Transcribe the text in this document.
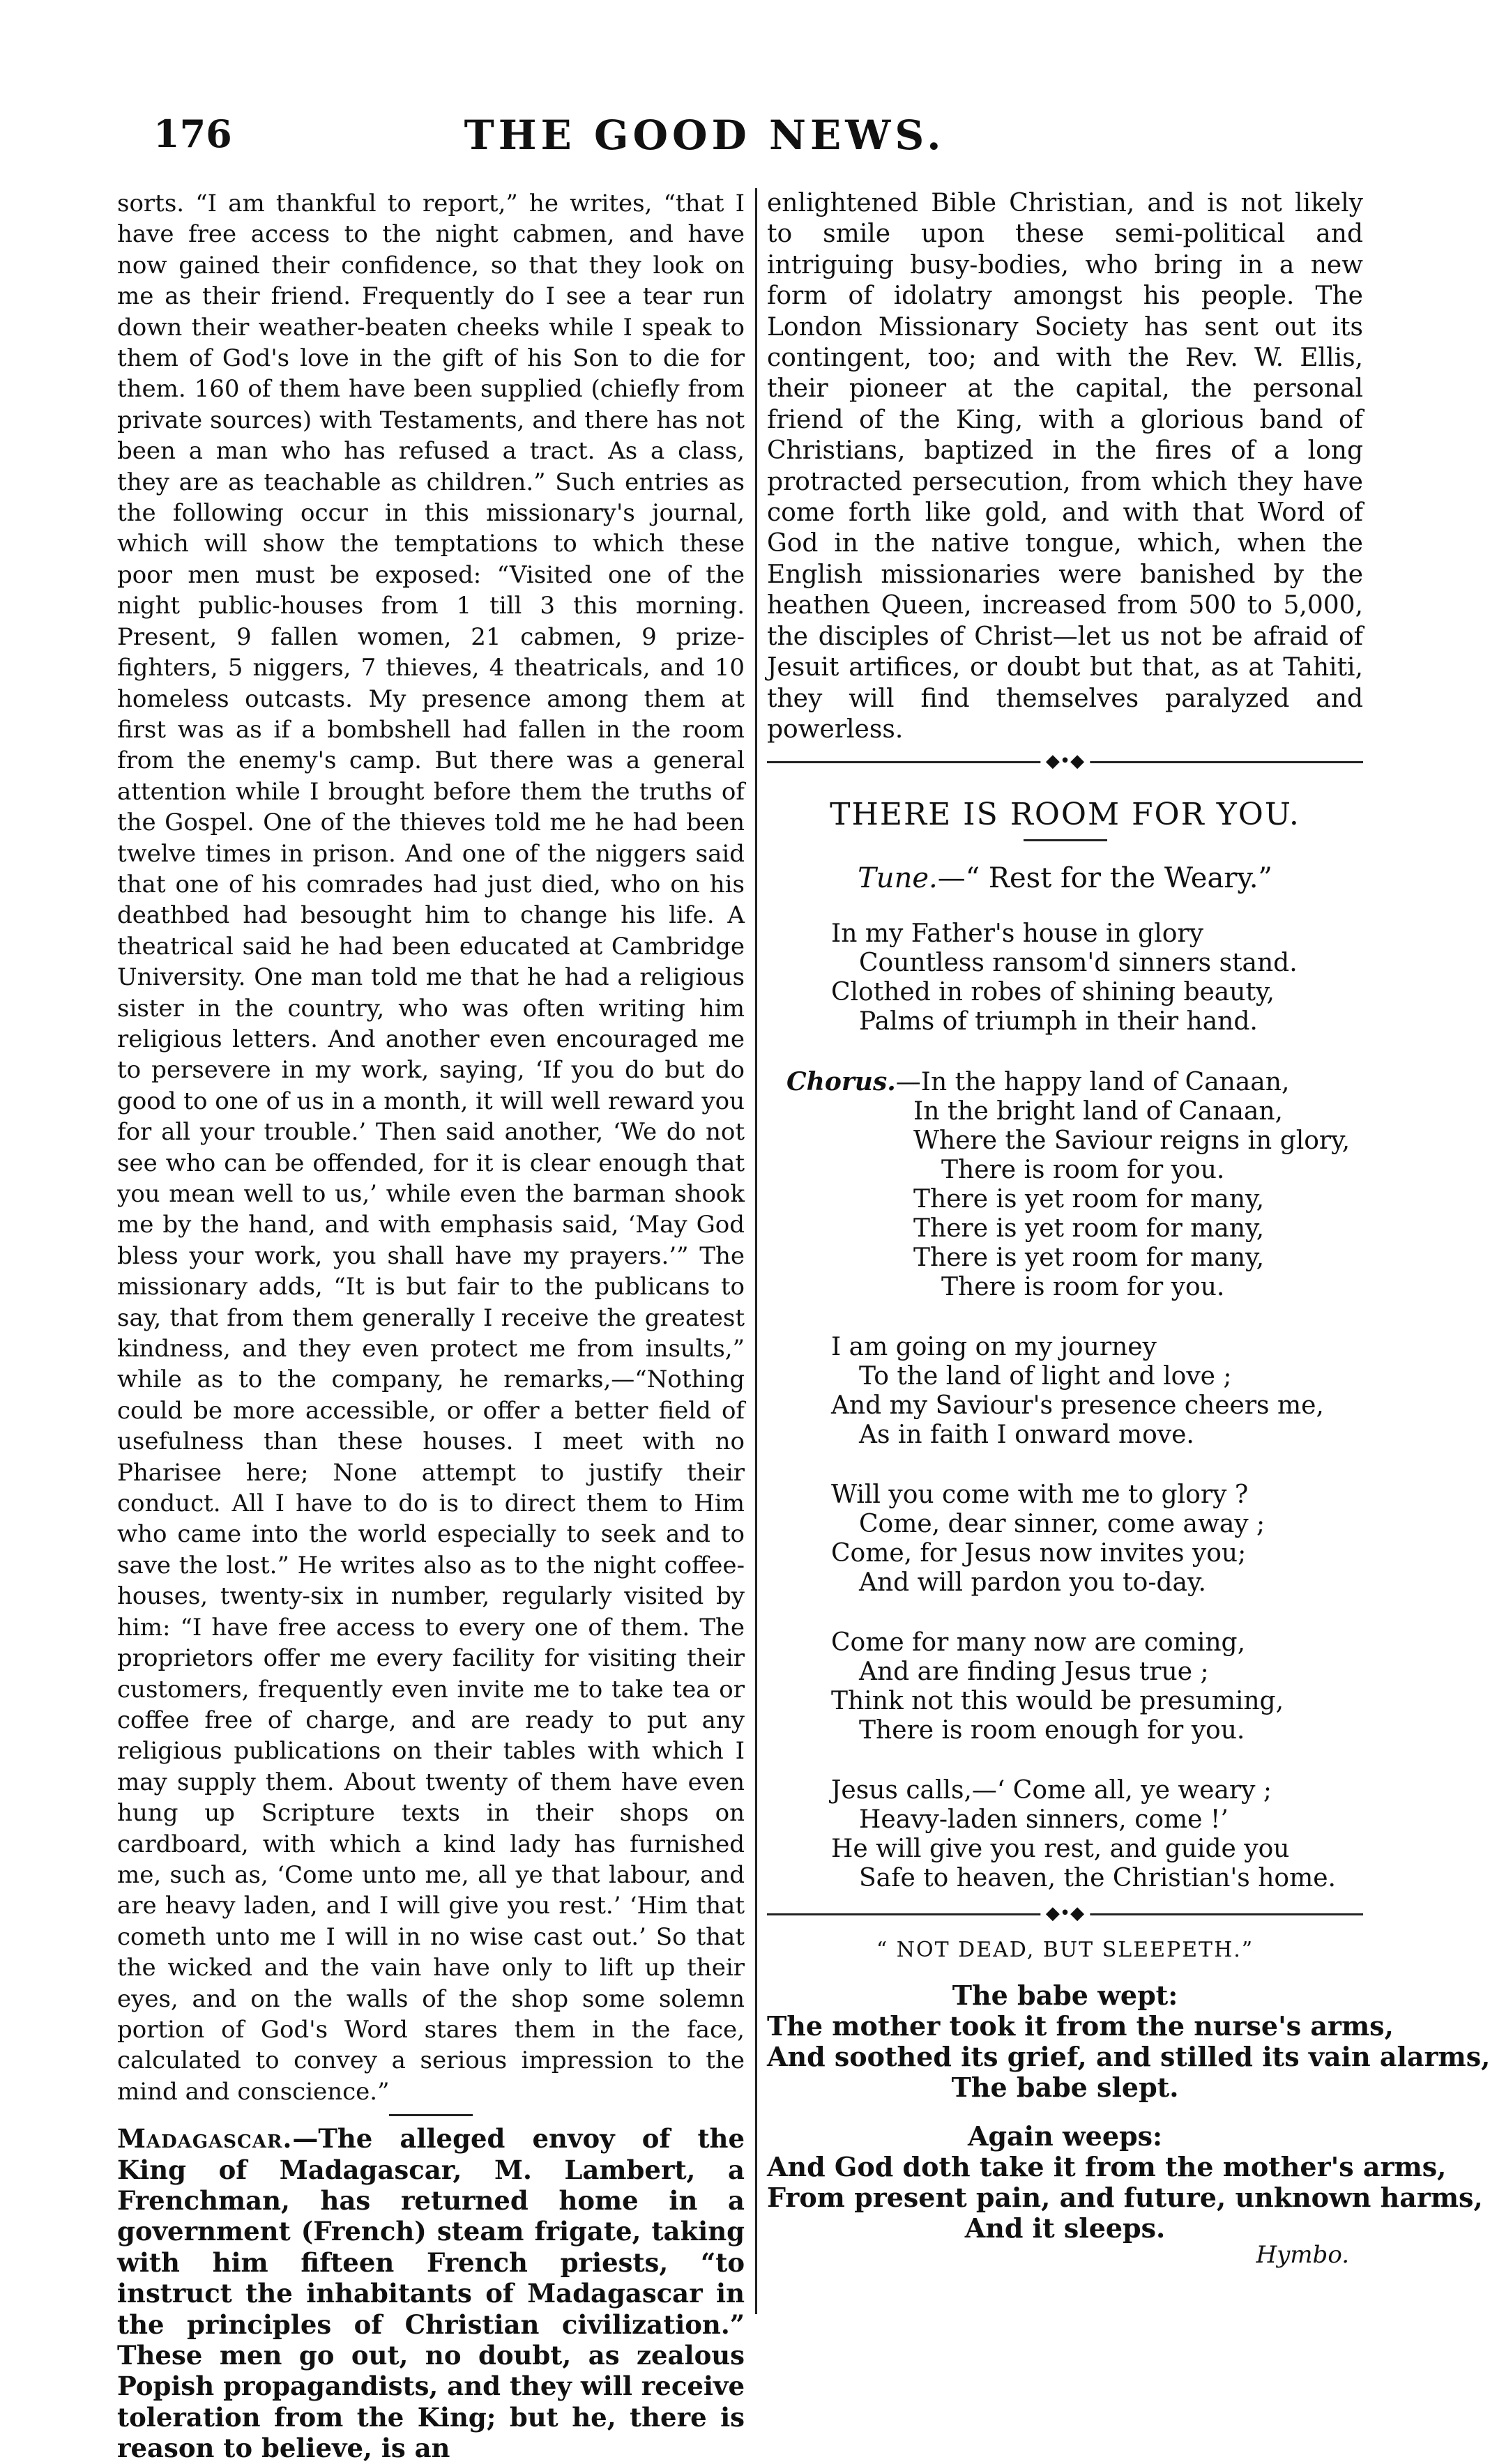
176	THE GOOD NEWS.

sorts. “I am thankful to report,” he writes, “that I have free access to the night cabmen, and have now gained their confidence, so that they look on me as their friend. Frequently do I see a tear run down their weather-beaten cheeks while I speak to them of God's love in the gift of his Son to die for them. 160 of them have been supplied (chiefly from private sources) with Testaments, and there has not been a man who has refused a tract. As a class, they are as teachable as children.” Such entries as the following occur in this missionary's journal, which will show the temptations to which these poor men must be exposed: “Visited one of the night public-houses from 1 till 3 this morning. Present, 9 fallen women, 21 cabmen, 9 prize-fighters, 5 niggers, 7 thieves, 4 theatricals, and 10 homeless outcasts. My presence among them at first was as if a bombshell had fallen in the room from the enemy's camp. But there was a general attention while I brought before them the truths of the Gospel. One of the thieves told me he had been twelve times in prison. And one of the niggers said that one of his comrades had just died, who on his deathbed had besought him to change his life. A theatrical said he had been educated at Cambridge University. One man told me that he had a religious sister in the country, who was often writing him religious letters. And another even encouraged me to persevere in my work, saying, ‘If you do but do good to one of us in a month, it will well reward you for all your trouble.’ Then said another, ‘We do not see who can be offended, for it is clear enough that you mean well to us,’ while even the barman shook me by the hand, and with emphasis said, ‘May God bless your work, you shall have my prayers.’” The missionary adds, “It is but fair to the publicans to say, that from them generally I receive the greatest kindness, and they even protect me from insults,” while as to the company, he remarks,—“Nothing could be more accessible, or offer a better field of usefulness than these houses. I meet with no Pharisee here; None attempt to justify their conduct. All I have to do is to direct them to Him who came into the world especially to seek and to save the lost.” He writes also as to the night coffee-houses, twenty-six in number, regularly visited by him: “I have free access to every one of them. The proprietors offer me every facility for visiting their customers, frequently even invite me to take tea or coffee free of charge, and are ready to put any religious publications on their tables with which I may supply them. About twenty of them have even hung up Scripture texts in their shops on cardboard, with which a kind lady has furnished me, such as, ‘Come unto me, all ye that labour, and are heavy laden, and I will give you rest.’ ‘Him that cometh unto me I will in no wise cast out.’ So that the wicked and the vain have only to lift up their eyes, and on the walls of the shop some solemn portion of God's Word stares them in the face, calculated to convey a serious impression to the mind and conscience.”

Madagascar.—The alleged envoy of the King of Madagascar, M. Lambert, a Frenchman, has returned home in a government (French) steam frigate, taking with him fifteen French priests, “to instruct the inhabitants of Madagascar in the principles of Christian civilization.” These men go out, no doubt, as zealous Popish propagandists, and they will receive toleration from the King; but he, there is reason to believe, is an

enlightened Bible Christian, and is not likely to smile upon these semi-political and intriguing busy-bodies, who bring in a new form of idolatry amongst his people. The London Missionary Society has sent out its contingent, too; and with the Rev. W. Ellis, their pioneer at the capital, the personal friend of the King, with a glorious band of Christians, baptized in the fires of a long protracted persecution, from which they have come forth like gold, and with that Word of God in the native tongue, which, when the English missionaries were banished by the heathen Queen, increased from 500 to 5,000, the disciples of Christ—let us not be afraid of Jesuit artifices, or doubt but that, as at Tahiti, they will find themselves paralyzed and powerless.

◆•◆
THERE IS ROOM FOR YOU.
Tune.—“ Rest for the Weary.”
In my Father's house in glory
Countless ransom'd sinners stand.
Clothed in robes of shining beauty,
Palms of triumph in their hand.
Chorus.—In the happy land of Canaan,
In the bright land of Canaan,
Where the Saviour reigns in glory,
There is room for you.
There is yet room for many,
There is yet room for many,
There is yet room for many,
There is room for you.
I am going on my journey
To the land of light and love ;
And my Saviour's presence cheers me,
As in faith I onward move.
Will you come with me to glory ?
Come, dear sinner, come away ;
Come, for Jesus now invites you;
And will pardon you to-day.
Come for many now are coming,
And are finding Jesus true ;
Think not this would be presuming,
There is room enough for you.
Jesus calls,—‘ Come all, ye weary ;
Heavy-laden sinners, come !’
He will give you rest, and guide you
Safe to heaven, the Christian's home.
◆•◆
“ NOT DEAD, BUT SLEEPETH.”
The babe wept:
The mother took it from the nurse's arms,
And soothed its grief, and stilled its vain alarms,
The babe slept.
Again weeps:
And God doth take it from the mother's arms,
From present pain, and future, unknown harms,
And it sleeps.
Hymbo.
